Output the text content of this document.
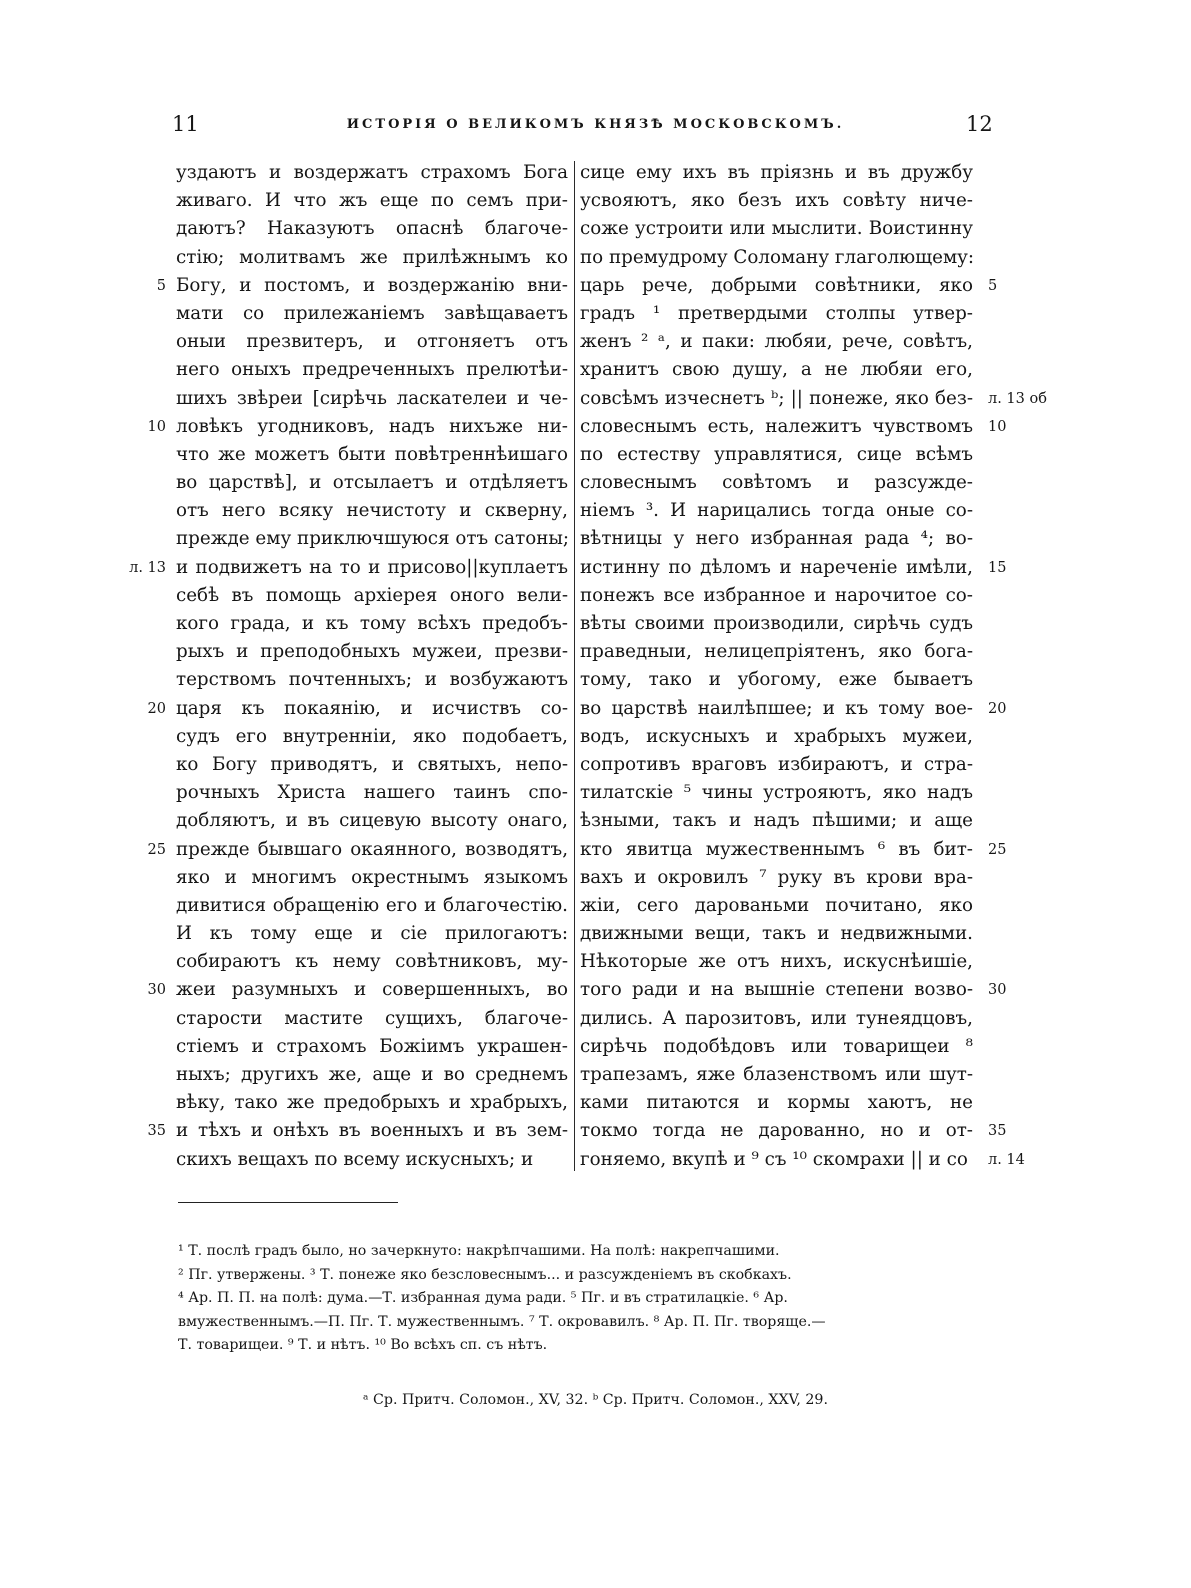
11	ИСТОРІЯ О ВЕЛИКОМЪ КНЯЗѢ МОСКОВСКОМЪ.	12
5
10
л. 13
20
25
30
35
уздаютъ и воздержатъ страхомъ Бога
живаго. И что жъ еще по семъ при-
даютъ? Наказуютъ опаснѣ благоче-
стію; молитвамъ же прилѣжнымъ ко
Богу, и постомъ, и воздержанію вни-
мати со прилежаніемъ завѣщаваетъ
оныи презвитеръ, и отгоняетъ отъ
него оныхъ предреченныхъ прелютѣи-
шихъ звѣреи [сирѣчь ласкателеи и че-
ловѣкъ угодниковъ, надъ нихъже ни-
что же можетъ быти повѣтреннѣишаго
во царствѣ], и отсылаетъ и отдѣляетъ
отъ него всяку нечистоту и скверну,
прежде ему приключшуюся отъ сатоны;
и подвижетъ на то и присово||куплаетъ
себѣ въ помощь архіерея оного вели-
кого града, и къ тому всѣхъ предобъ-
рыхъ и преподобныхъ мужеи, презви-
терствомъ почтенныхъ; и возбужаютъ
царя къ покаянію, и исчиствъ со-
судъ его внутренніи, яко подобаетъ,
ко Богу приводятъ, и святыхъ, непо-
рочныхъ Христа нашего таинъ спо-
добляютъ, и въ сицевую высоту онаго,
прежде бывшаго окаянного, возводятъ,
яко и многимъ окрестнымъ языкомъ
дивитися обращенію его и благочестію.
И къ тому еще и сіе прилогаютъ:
собираютъ къ нему совѣтниковъ, му-
жеи разумныхъ и совершенныхъ, во
старости мастите сущихъ, благоче-
стіемъ и страхомъ Божіимъ украшен-
ныхъ; другихъ же, аще и во среднемъ
вѣку, тако же предобрыхъ и храбрыхъ,
и тѣхъ и онѣхъ въ военныхъ и въ зем-
скихъ вещахъ по всему искусныхъ; и
сице ему ихъ въ пріязнь и въ дружбу
усвояютъ, яко безъ ихъ совѣту ниче-
соже устроити или мыслити. Воистинну
по премудрому Соломану глаголющему:
царь рече, добрыми совѣтники, яко
градъ ¹ претвердыми столпы утвер-
женъ ² ᵃ, и паки: любяи, рече, совѣтъ,
хранитъ свою душу, а не любяи его,
совсѣмъ изчеснетъ ᵇ; || понеже, яко без-
словеснымъ есть, належитъ чувствомъ
по естеству управлятися, сице всѣмъ
словеснымъ совѣтомъ и разсужде-
ніемъ ³. И нарицались тогда оные со-
вѣтницы у него избранная рада ⁴; во-
истинну по дѣломъ и нареченіе имѣли,
понежъ все избранное и нарочитое со-
вѣты своими производили, сирѣчь судъ
праведныи, нелицепріятенъ, яко бога-
тому, тако и убогому, еже бываетъ
во царствѣ наилѣпшее; и къ тому вое-
водъ, искусныхъ и храбрыхъ мужеи,
сопротивъ враговъ избираютъ, и стра-
тилатскіе ⁵ чины устрояютъ, яко надъ
ѣзными, такъ и надъ пѣшими; и аще
кто явитца мужественнымъ ⁶ въ бит-
вахъ и окровилъ ⁷ руку въ крови вра-
жіи, сего дарованьми почитано, яко
движными вещи, такъ и недвижными.
Нѣкоторые же отъ нихъ, искуснѣишіе,
того ради и на вышніе степени возво-
дились. А парозитовъ, или тунеядцовъ,
сирѣчь подобѣдовъ или товарищеи ⁸
трапезамъ, яже блазенствомъ или шут-
ками питаются и кормы хаютъ, не
токмо тогда не дарованно, но и от-
гоняемо, вкупѣ и ⁹ съ ¹⁰ скомрахи || и со
5
л. 13 об
10
15
20
25
30
35
л. 14
¹ Т. послѣ градъ было, но зачеркнуто: накрѣпчашими. На полѣ: накрепчашими.
² Пг. утвержены. ³ Т. понеже яко безсловеснымъ... и разсужденіемъ въ скобкахъ.
⁴ Ар. П. П. на полѣ: дума.—Т. избранная дума ради. ⁵ Пг. и въ стратилацкіе. ⁶ Ар.
вмужественнымъ.—П. Пг. Т. мужественнымъ. ⁷ Т. окровавилъ. ⁸ Ар. П. Пг. творяще.—
Т. товарищеи. ⁹ Т. и нѣтъ. ¹⁰ Во всѣхъ сп. съ нѣтъ.
ᵃ Ср. Притч. Соломон., XV, 32. ᵇ Ср. Притч. Соломон., XXV, 29.
